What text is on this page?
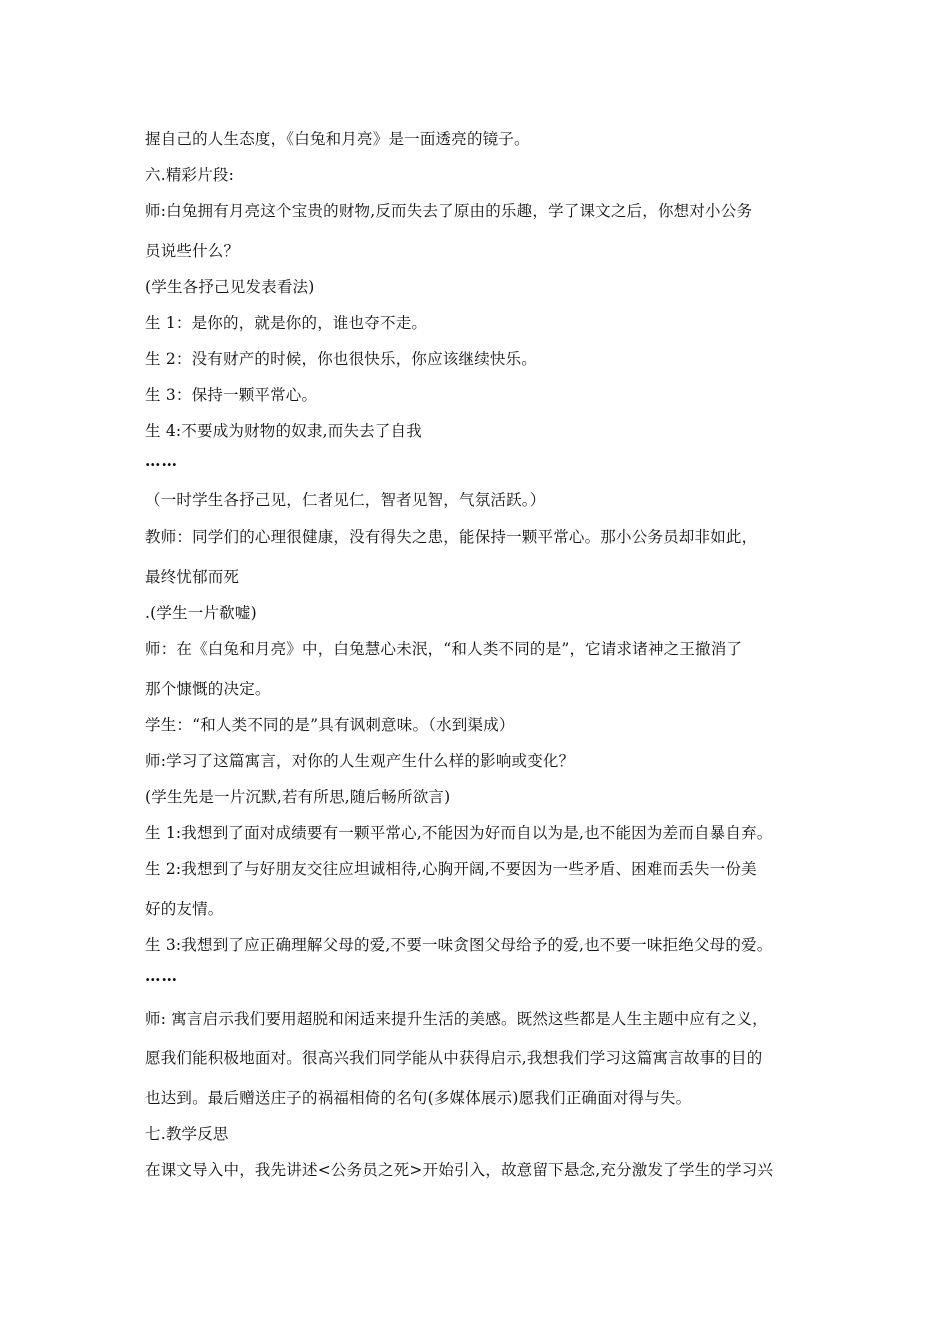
握自己的人生态度，《白兔和月亮》是一面透亮的镜子。
六.精彩片段:
师:白兔拥有月亮这个宝贵的财物,反而失去了原由的乐趣，学了课文之后，你想对小公务
员说些什么？
(学生各抒己见发表看法)
生 1：是你的，就是你的，谁也夺不走。
生 2：没有财产的时候，你也很快乐，你应该继续快乐。
生 3：保持一颗平常心。
生 4:不要成为财物的奴隶,而失去了自我
……
（一时学生各抒己见，仁者见仁，智者见智，气氛活跃。）
教师：同学们的心理很健康，没有得失之患，能保持一颗平常心。那小公务员却非如此，
最终忧郁而死
.(学生一片欷嘘)
师：在《白兔和月亮》中，白兔慧心未泯，“和人类不同的是”，它请求诸神之王撤消了
那个慷慨的决定。
学生：“和人类不同的是”具有讽刺意味。（水到渠成）
师:学习了这篇寓言，对你的人生观产生什么样的影响或变化？
(学生先是一片沉默,若有所思,随后畅所欲言)
生 1:我想到了面对成绩要有一颗平常心,不能因为好而自以为是,也不能因为差而自暴自弃。
生 2:我想到了与好朋友交往应坦诚相待,心胸开阔,不要因为一些矛盾、困难而丢失一份美
好的友情。
生 3:我想到了应正确理解父母的爱,不要一味贪图父母给予的爱,也不要一味拒绝父母的爱。
……
师: 寓言启示我们要用超脱和闲适来提升生活的美感。既然这些都是人生主题中应有之义，
愿我们能积极地面对。很高兴我们同学能从中获得启示,我想我们学习这篇寓言故事的目的
也达到。最后赠送庄子的祸福相倚的名句(多媒体展示)愿我们正确面对得与失。
七.教学反思
在课文导入中，我先讲述<公务员之死>开始引入，故意留下悬念,充分激发了学生的学习兴
